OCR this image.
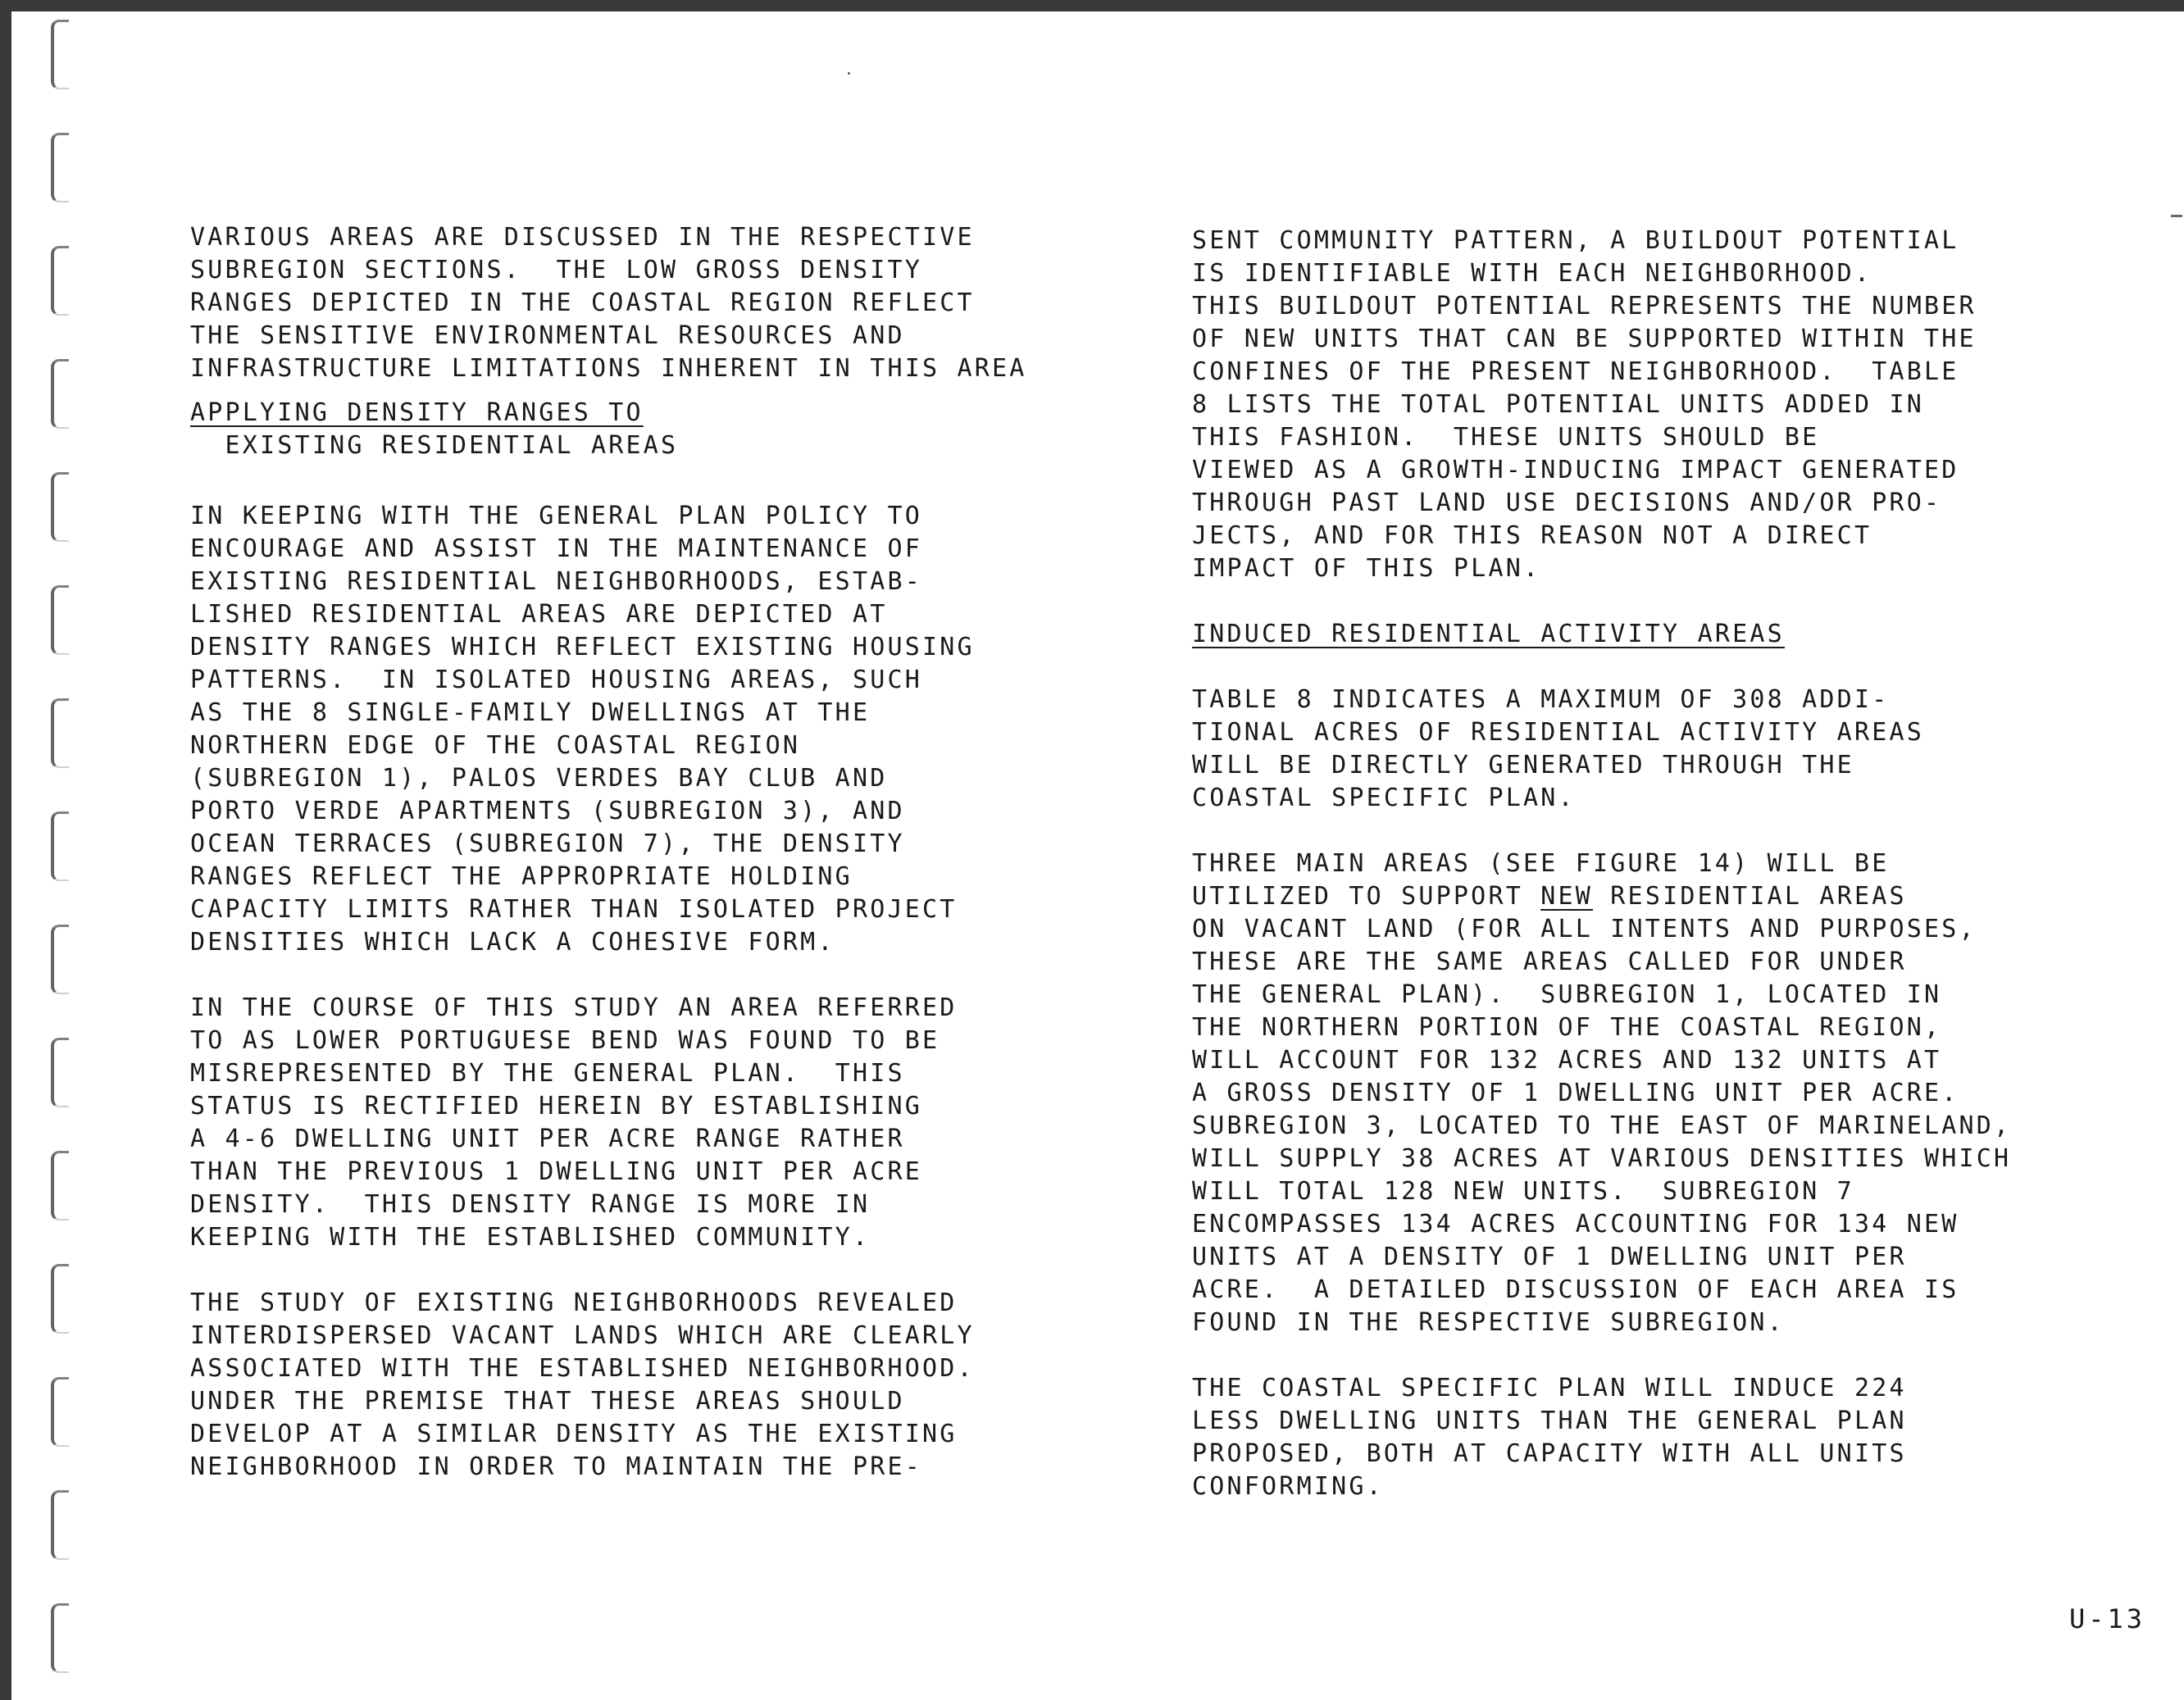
VARIOUS AREAS ARE DISCUSSED IN THE RESPECTIVE
SUBREGION SECTIONS.  THE LOW GROSS DENSITY
RANGES DEPICTED IN THE COASTAL REGION REFLECT
THE SENSITIVE ENVIRONMENTAL RESOURCES AND
INFRASTRUCTURE LIMITATIONS INHERENT IN THIS AREA
APPLYING DENSITY RANGES TO
EXISTING RESIDENTIAL AREAS
IN KEEPING WITH THE GENERAL PLAN POLICY TO
ENCOURAGE AND ASSIST IN THE MAINTENANCE OF
EXISTING RESIDENTIAL NEIGHBORHOODS, ESTAB-
LISHED RESIDENTIAL AREAS ARE DEPICTED AT
DENSITY RANGES WHICH REFLECT EXISTING HOUSING
PATTERNS.  IN ISOLATED HOUSING AREAS, SUCH
AS THE 8 SINGLE-FAMILY DWELLINGS AT THE
NORTHERN EDGE OF THE COASTAL REGION
(SUBREGION 1), PALOS VERDES BAY CLUB AND
PORTO VERDE APARTMENTS (SUBREGION 3), AND
OCEAN TERRACES (SUBREGION 7), THE DENSITY
RANGES REFLECT THE APPROPRIATE HOLDING
CAPACITY LIMITS RATHER THAN ISOLATED PROJECT
DENSITIES WHICH LACK A COHESIVE FORM.
IN THE COURSE OF THIS STUDY AN AREA REFERRED
TO AS LOWER PORTUGUESE BEND WAS FOUND TO BE
MISREPRESENTED BY THE GENERAL PLAN.  THIS
STATUS IS RECTIFIED HEREIN BY ESTABLISHING
A 4-6 DWELLING UNIT PER ACRE RANGE RATHER
THAN THE PREVIOUS 1 DWELLING UNIT PER ACRE
DENSITY.  THIS DENSITY RANGE IS MORE IN
KEEPING WITH THE ESTABLISHED COMMUNITY.
THE STUDY OF EXISTING NEIGHBORHOODS REVEALED
INTERDISPERSED VACANT LANDS WHICH ARE CLEARLY
ASSOCIATED WITH THE ESTABLISHED NEIGHBORHOOD.
UNDER THE PREMISE THAT THESE AREAS SHOULD
DEVELOP AT A SIMILAR DENSITY AS THE EXISTING
NEIGHBORHOOD IN ORDER TO MAINTAIN THE PRE-
SENT COMMUNITY PATTERN, A BUILDOUT POTENTIAL
IS IDENTIFIABLE WITH EACH NEIGHBORHOOD.
THIS BUILDOUT POTENTIAL REPRESENTS THE NUMBER
OF NEW UNITS THAT CAN BE SUPPORTED WITHIN THE
CONFINES OF THE PRESENT NEIGHBORHOOD.  TABLE
8 LISTS THE TOTAL POTENTIAL UNITS ADDED IN
THIS FASHION.  THESE UNITS SHOULD BE
VIEWED AS A GROWTH-INDUCING IMPACT GENERATED
THROUGH PAST LAND USE DECISIONS AND/OR PRO-
JECTS, AND FOR THIS REASON NOT A DIRECT
IMPACT OF THIS PLAN.
INDUCED RESIDENTIAL ACTIVITY AREAS
TABLE 8 INDICATES A MAXIMUM OF 308 ADDI-
TIONAL ACRES OF RESIDENTIAL ACTIVITY AREAS
WILL BE DIRECTLY GENERATED THROUGH THE
COASTAL SPECIFIC PLAN.
THREE MAIN AREAS (SEE FIGURE 14) WILL BE
UTILIZED TO SUPPORT NEW RESIDENTIAL AREAS
ON VACANT LAND (FOR ALL INTENTS AND PURPOSES,
THESE ARE THE SAME AREAS CALLED FOR UNDER
THE GENERAL PLAN).  SUBREGION 1, LOCATED IN
THE NORTHERN PORTION OF THE COASTAL REGION,
WILL ACCOUNT FOR 132 ACRES AND 132 UNITS AT
A GROSS DENSITY OF 1 DWELLING UNIT PER ACRE.
SUBREGION 3, LOCATED TO THE EAST OF MARINELAND,
WILL SUPPLY 38 ACRES AT VARIOUS DENSITIES WHICH
WILL TOTAL 128 NEW UNITS.  SUBREGION 7
ENCOMPASSES 134 ACRES ACCOUNTING FOR 134 NEW
UNITS AT A DENSITY OF 1 DWELLING UNIT PER
ACRE.  A DETAILED DISCUSSION OF EACH AREA IS
FOUND IN THE RESPECTIVE SUBREGION.
THE COASTAL SPECIFIC PLAN WILL INDUCE 224
LESS DWELLING UNITS THAN THE GENERAL PLAN
PROPOSED, BOTH AT CAPACITY WITH ALL UNITS
CONFORMING.
U-13
